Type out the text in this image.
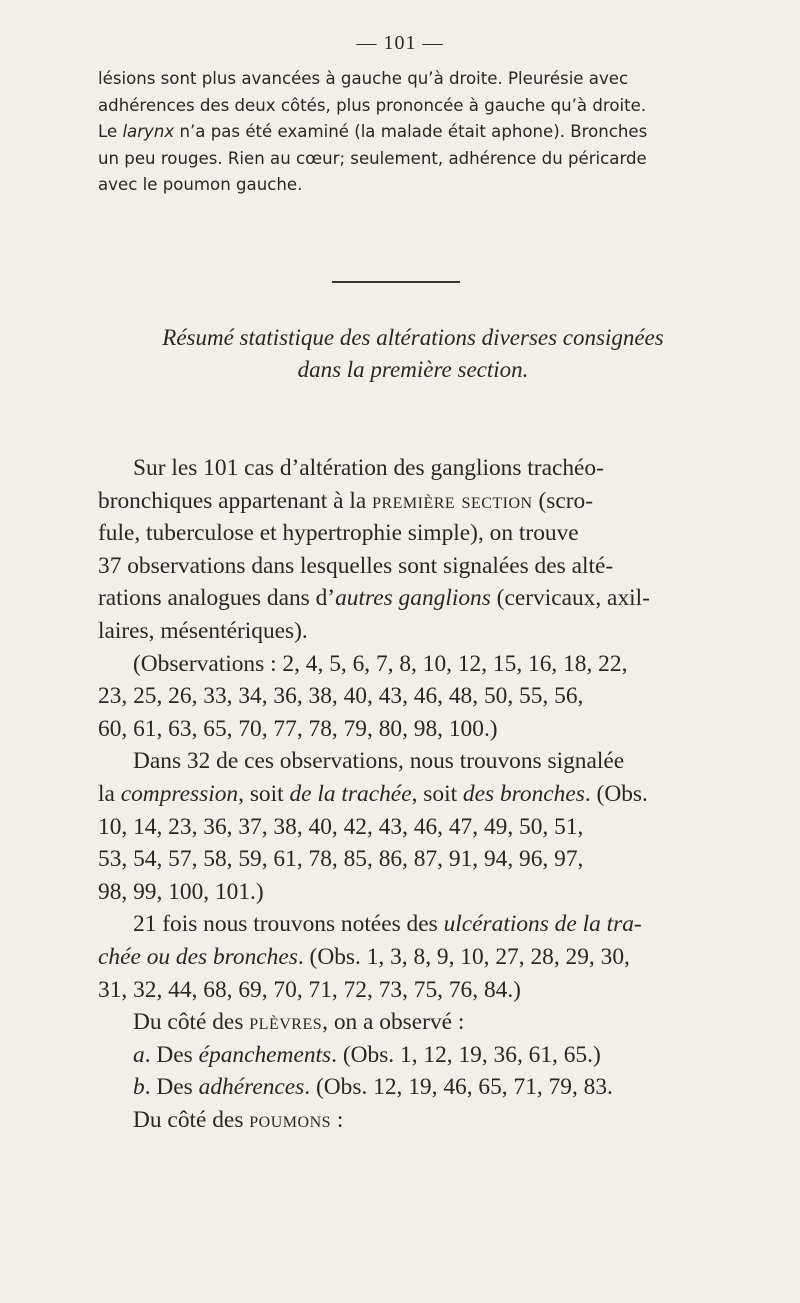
— 101 —
lésions sont plus avancées à gauche qu’à droite. Pleurésie avec
adhérences des deux côtés, plus prononcée à gauche qu’à droite.
Le larynx n’a pas été examiné (la malade était aphone). Bronches
un peu rouges. Rien au cœur; seulement, adhérence du péricarde
avec le poumon gauche.
Résumé statistique des altérations diverses consignées
dans la première section.
Sur les 101 cas d’altération des ganglions trachéo-
bronchiques appartenant à la première section (scro-
fule, tuberculose et hypertrophie simple), on trouve
37 observations dans lesquelles sont signalées des alté-
rations analogues dans d’autres ganglions (cervicaux, axil-
laires, mésentériques).
(Observations : 2, 4, 5, 6, 7, 8, 10, 12, 15, 16, 18, 22,
23, 25, 26, 33, 34, 36, 38, 40, 43, 46, 48, 50, 55, 56,
60, 61, 63, 65, 70, 77, 78, 79, 80, 98, 100.)
Dans 32 de ces observations, nous trouvons signalée
la compression, soit de la trachée, soit des bronches. (Obs.
10, 14, 23, 36, 37, 38, 40, 42, 43, 46, 47, 49, 50, 51,
53, 54, 57, 58, 59, 61, 78, 85, 86, 87, 91, 94, 96, 97,
98, 99, 100, 101.)
21 fois nous trouvons notées des ulcérations de la tra-
chée ou des bronches. (Obs. 1, 3, 8, 9, 10, 27, 28, 29, 30,
31, 32, 44, 68, 69, 70, 71, 72, 73, 75, 76, 84.)
Du côté des plèvres, on a observé :
a. Des épanchements. (Obs. 1, 12, 19, 36, 61, 65.)
b. Des adhérences. (Obs. 12, 19, 46, 65, 71, 79, 83.
Du côté des poumons :
